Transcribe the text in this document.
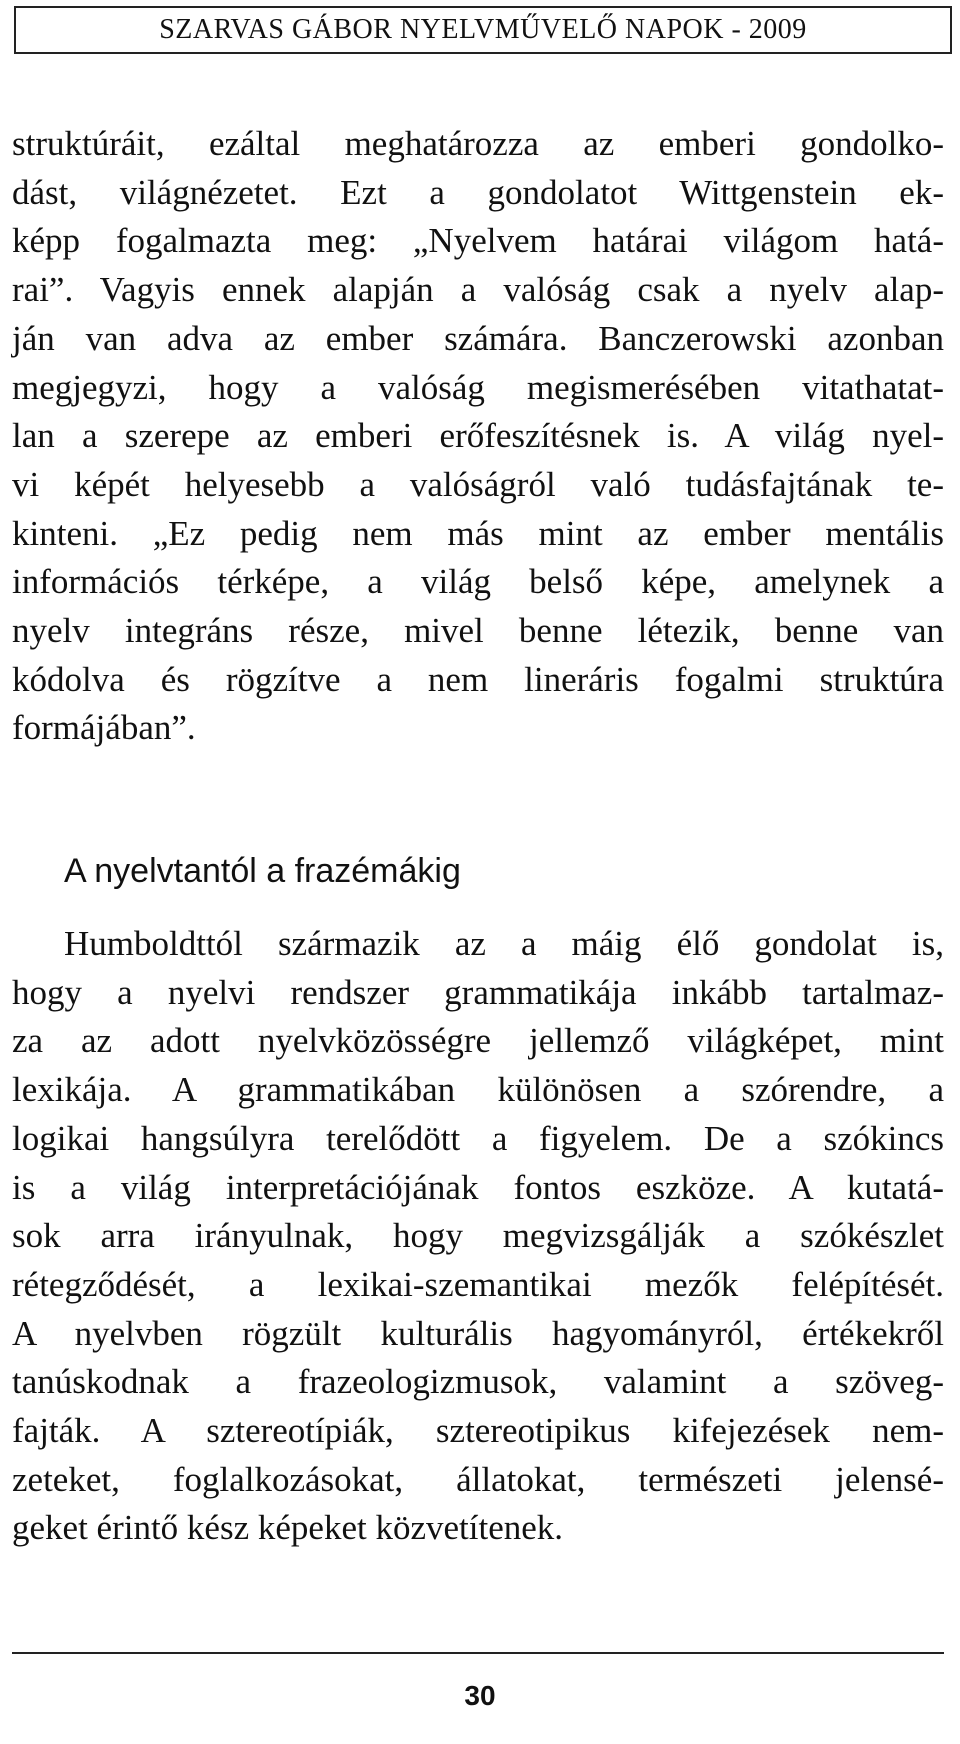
SZARVAS GÁBOR NYELVMŰVELŐ NAPOK - 2009
struktúráit, ezáltal meghatározza az emberi gondolko-
dást, világnézetet. Ezt a gondolatot Wittgenstein ek-
képp fogalmazta meg: „Nyelvem határai világom hatá-
rai”. Vagyis ennek alapján a valóság csak a nyelv alap-
ján van adva az ember számára. Banczerowski azonban
megjegyzi, hogy a valóság megismerésében vitathatat-
lan a szerepe az emberi erőfeszítésnek is. A világ nyel-
vi képét helyesebb a valóságról való tudásfajtának te-
kinteni. „Ez pedig nem más mint az ember mentális
információs térképe, a világ belső képe, amelynek a
nyelv integráns része, mivel benne létezik, benne van
kódolva és rögzítve a nem lineráris fogalmi struktúra
formájában”.
A nyelvtantól a frazémákig
Humboldttól származik az a máig élő gondolat is,
hogy a nyelvi rendszer grammatikája inkább tartalmaz-
za az adott nyelvközösségre jellemző világképet, mint
lexikája. A grammatikában különösen a szórendre, a
logikai hangsúlyra terelődött a figyelem. De a szókincs
is a világ interpretációjának fontos eszköze. A kutatá-
sok arra irányulnak, hogy megvizsgálják a szókészlet
rétegződését, a lexikai-szemantikai mezők felépítését.
A nyelvben rögzült kulturális hagyományról, értékekről
tanúskodnak a frazeologizmusok, valamint a szöveg-
fajták. A sztereotípiák, sztereotipikus kifejezések nem-
zeteket, foglalkozásokat, állatokat, természeti jelensé-
geket érintő kész képeket közvetítenek.
30
